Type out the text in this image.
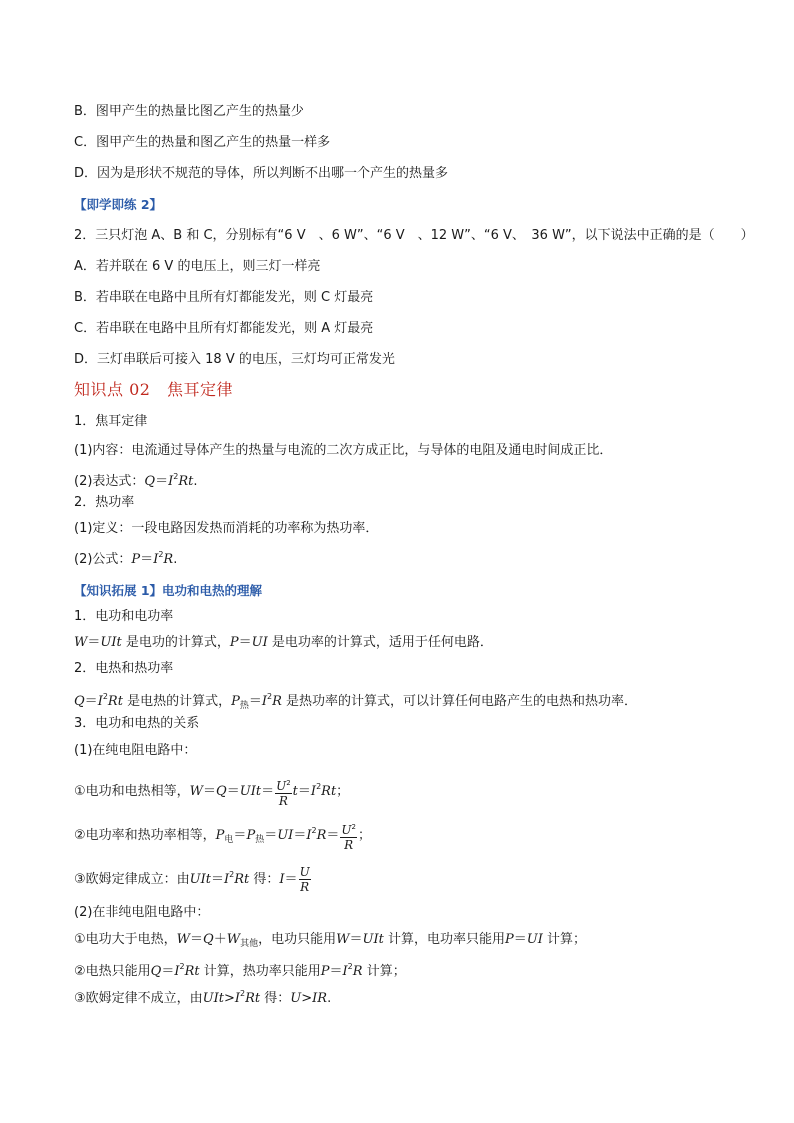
B．图甲产生的热量比图乙产生的热量少
C．图甲产生的热量和图乙产生的热量一样多
D．因为是形状不规范的导体，所以判断不出哪一个产生的热量多
【即学即练 2】
2．三只灯泡 A、B 和 C，分别标有“6 V　、6 W”、“6 V　、12 W”、“6 V、　36 W”，以下说法中正确的是（　　）
A．若并联在 6 V 的电压上，则三灯一样亮
B．若串联在电路中且所有灯都能发光，则 C 灯最亮
C．若串联在电路中且所有灯都能发光，则 A 灯最亮
D．三灯串联后可接入 18 V 的电压，三灯均可正常发光
知识点 02　焦耳定律
1．焦耳定律
(1)内容：电流通过导体产生的热量与电流的二次方成正比，与导体的电阻及通电时间成正比．
(2)表达式：$Q=I^2Rt$.
2．热功率
(1)定义：一段电路因发热而消耗的功率称为热功率．
(2)公式：$P=I^2R$.
【知识拓展 1】电功和电热的理解
1．电功和电功率
W＝UIt 是电功的计算式，P＝UI 是电功率的计算式，适用于任何电路．
2．电热和热功率
$Q=I^2Rt$ 是电热的计算式，$P_热=I^2R$ 是热功率的计算式，可以计算任何电路产生的电热和热功率．
3．电功和电热的关系
(1)在纯电阻电路中：
①电功和电热相等，$W=Q=UIt= \frac{U^2}{R} t=I^2Rt$；
②电功率和热功率相等，$P_电=P_热=UI=I^2R= \frac{U^2}{R}$ ；
③欧姆定律成立：由$UIt=I^2Rt$ 得：$I= \frac{U}{R}$
(2)在非纯电阻电路中：
①电功大于电热，$W=Q+W_{其他}$，电功只能用W＝UIt 计算，电功率只能用P＝UI 计算；
②电热只能用$Q=I^2Rt$ 计算，热功率只能用$P=I^2R$ 计算；
③欧姆定律不成立，由$UIt>I^2Rt$ 得：U>IR.
